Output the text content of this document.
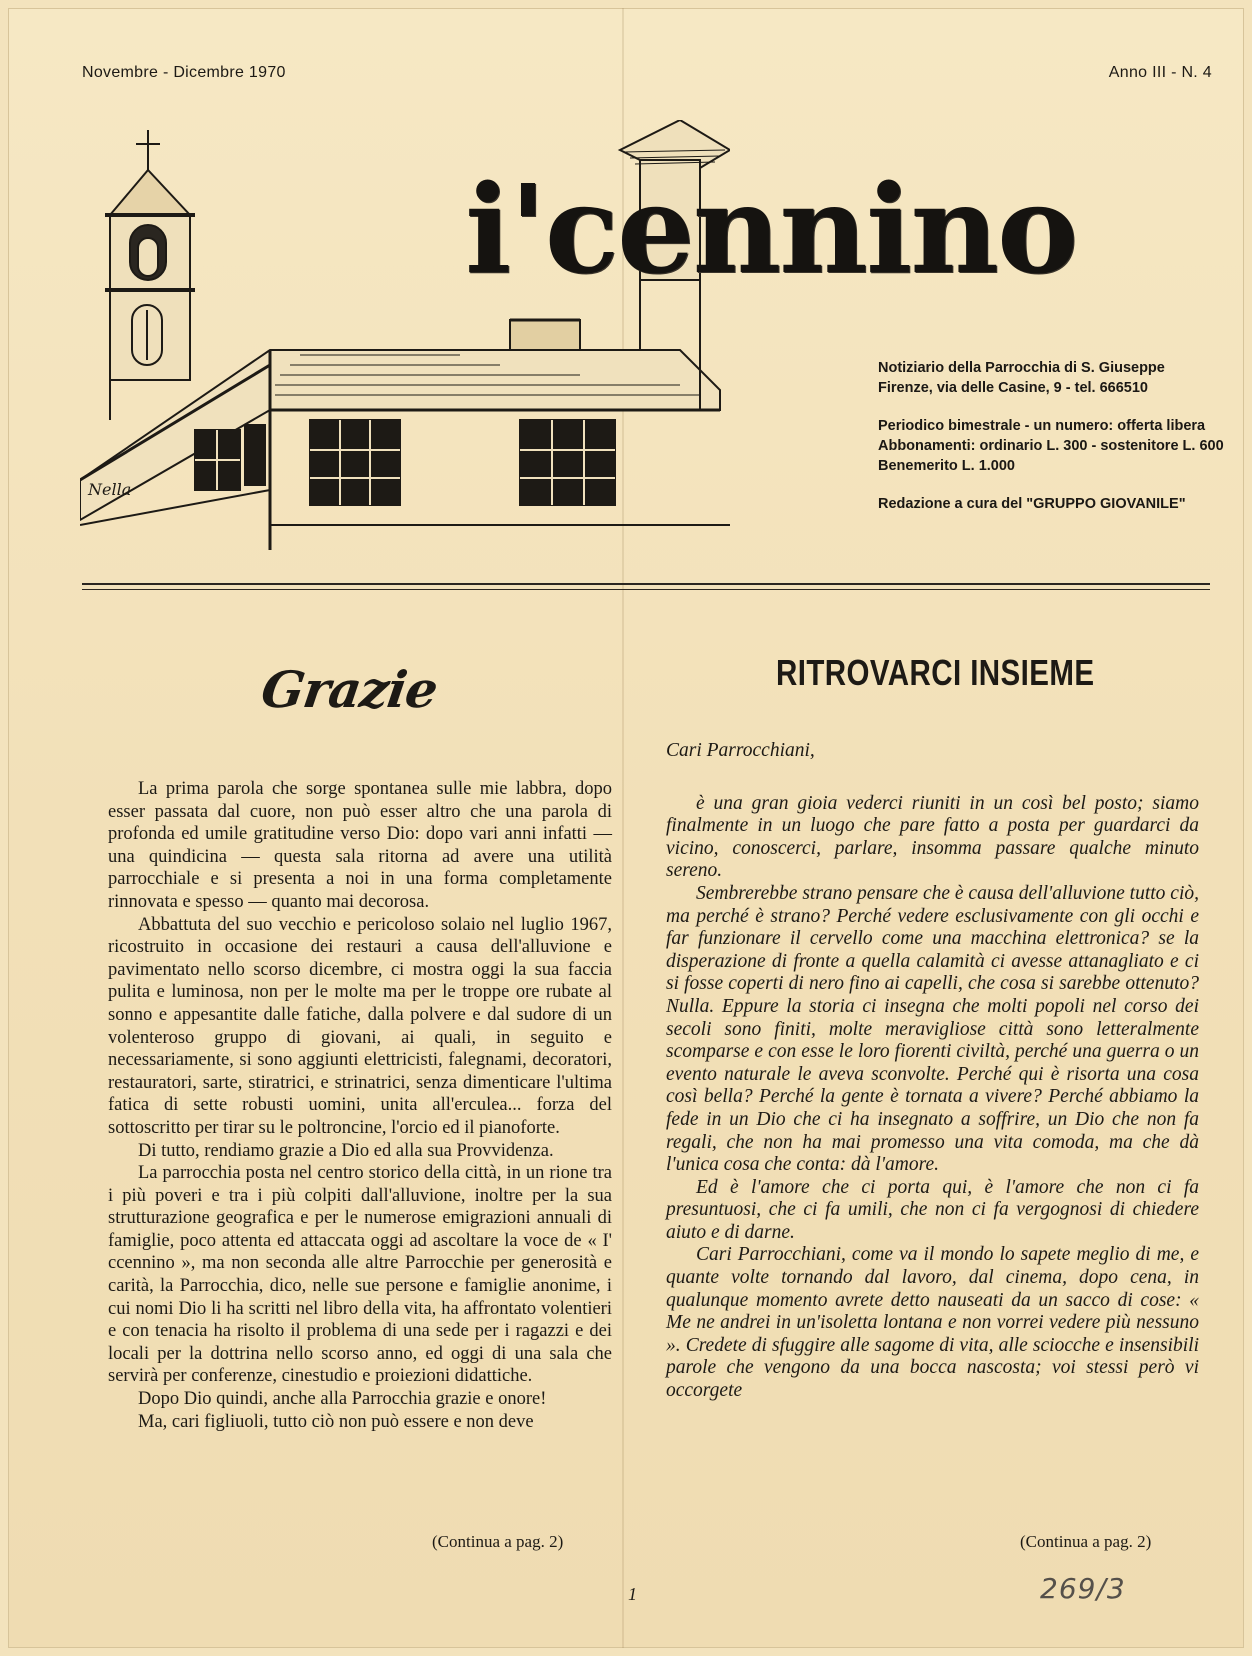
Novembre - Dicembre 1970	Anno III - N. 4
Nella
i'cennino
Notiziario della Parrocchia di S. Giuseppe
Firenze, via delle Casine, 9 - tel. 666510
Periodico bimestrale - un numero: offerta libera
Abbonamenti: ordinario L. 300 - sostenitore L. 600
Benemerito L. 1.000
Redazione a cura del "GRUPPO GIOVANILE"
Grazie	RITROVARCI INSIEME

La prima parola che sorge spontanea sulle mie labbra, dopo esser passata dal cuore, non può esser altro che una parola di profonda ed umile gratitudine verso Dio: dopo vari anni infatti — una quindicina — questa sala ritorna ad avere una utilità parrocchiale e si presenta a noi in una forma completamente rinnovata e spesso — quanto mai decorosa.

Abbattuta del suo vecchio e pericoloso solaio nel luglio 1967, ricostruito in occasione dei restauri a causa dell'alluvione e pavimentato nello scorso dicembre, ci mostra oggi la sua faccia pulita e luminosa, non per le molte ma per le troppe ore rubate al sonno e appesantite dalle fatiche, dalla polvere e dal sudore di un volenteroso gruppo di giovani, ai quali, in seguito e necessariamente, si sono aggiunti elettricisti, falegnami, decoratori, restauratori, sarte, stiratrici, e strinatrici, senza dimenticare l'ultima fatica di sette robusti uomini, unita all'erculea... forza del sottoscritto per tirar su le poltroncine, l'orcio ed il pianoforte.

Di tutto, rendiamo grazie a Dio ed alla sua Provvidenza.

La parrocchia posta nel centro storico della città, in un rione tra i più poveri e tra i più colpiti dall'alluvione, inoltre per la sua strutturazione geografica e per le numerose emigrazioni annuali di famiglie, poco attenta ed attaccata oggi ad ascoltare la voce de « I' ccennino », ma non seconda alle altre Parrocchie per generosità e carità, la Parrocchia, dico, nelle sue persone e famiglie anonime, i cui nomi Dio li ha scritti nel libro della vita, ha affrontato volentieri e con tenacia ha risolto il problema di una sede per i ragazzi e dei locali per la dottrina nello scorso anno, ed oggi di una sala che servirà per conferenze, cinestudio e proiezioni didattiche.

Dopo Dio quindi, anche alla Parrocchia grazie e onore!

Ma, cari figliuoli, tutto ciò non può essere e non deve

Cari Parrocchiani,

è una gran gioia vederci riuniti in un così bel posto; siamo finalmente in un luogo che pare fatto a posta per guardarci da vicino, conoscerci, parlare, insomma passare qualche minuto sereno.

Sembrerebbe strano pensare che è causa dell'alluvione tutto ciò, ma perché è strano? Perché vedere esclusivamente con gli occhi e far funzionare il cervello come una macchina elettronica? se la disperazione di fronte a quella calamità ci avesse attanagliato e ci si fosse coperti di nero fino ai capelli, che cosa si sarebbe ottenuto? Nulla. Eppure la storia ci insegna che molti popoli nel corso dei secoli sono finiti, molte meravigliose città sono letteralmente scomparse e con esse le loro fiorenti civiltà, perché una guerra o un evento naturale le aveva sconvolte. Perché qui è risorta una cosa così bella? Perché la gente è tornata a vivere? Perché abbiamo la fede in un Dio che ci ha insegnato a soffrire, un Dio che non fa regali, che non ha mai promesso una vita comoda, ma che dà l'unica cosa che conta: dà l'amore.

Ed è l'amore che ci porta qui, è l'amore che non ci fa presuntuosi, che ci fa umili, che non ci fa vergognosi di chiedere aiuto e di darne.

Cari Parrocchiani, come va il mondo lo sapete meglio di me, e quante volte tornando dal lavoro, dal cinema, dopo cena, in qualunque momento avrete detto nauseati da un sacco di cose: « Me ne andrei in un'isoletta lontana e non vorrei vedere più nessuno ». Credete di sfuggire alle sagome di vita, alle sciocche e insensibili parole che vengono da una bocca nascosta; voi stessi però vi occorgete

(Continua a pag. 2)	(Continua a pag. 2)
1	269/3
